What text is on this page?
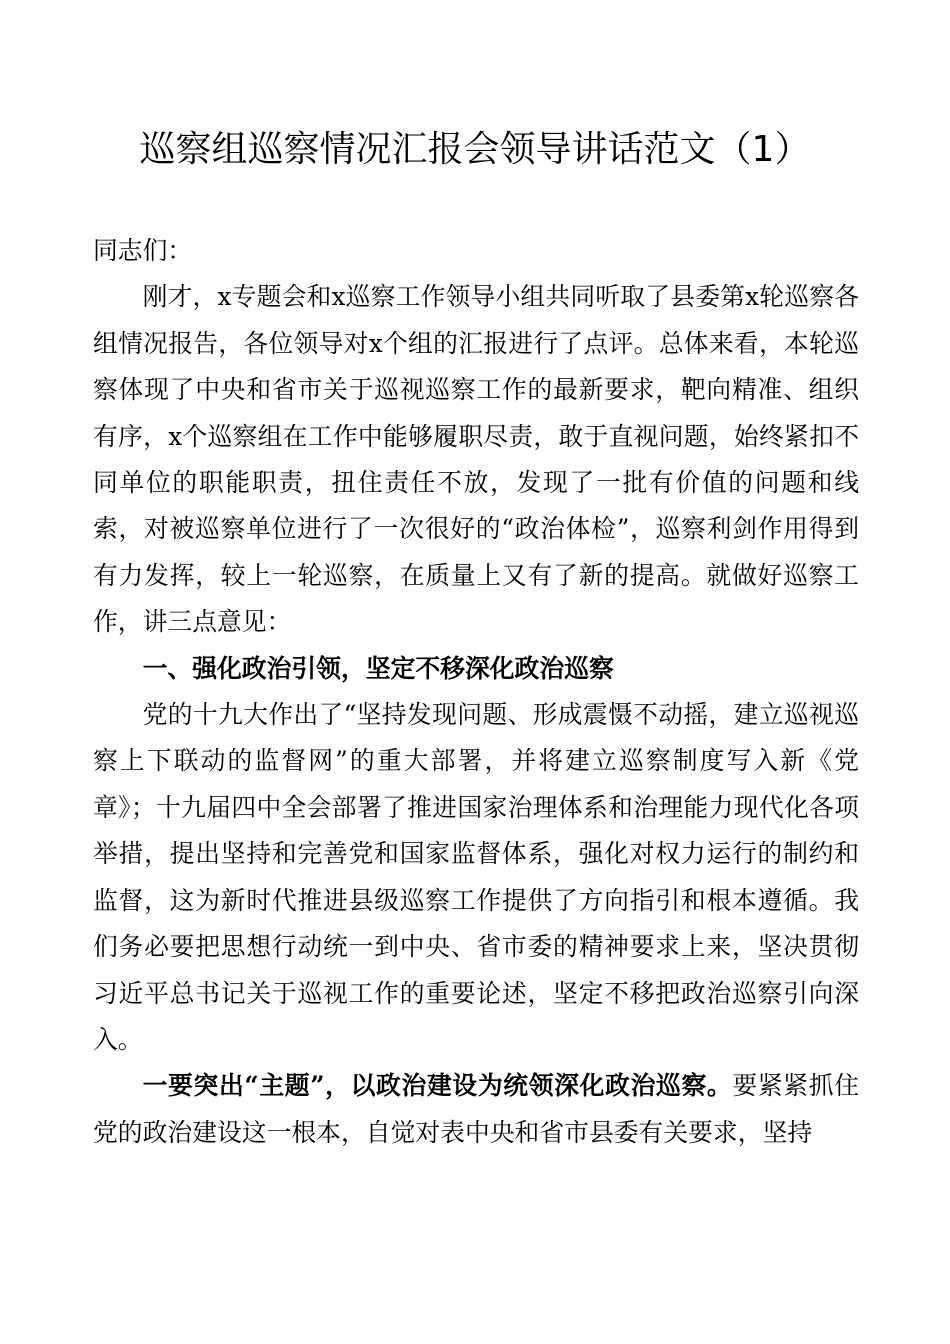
巡察组巡察情况汇报会领导讲话范文（1）

同志们：

刚才，x专题会和x巡察工作领导小组共同听取了县委第x轮巡察各组情况报告，各位领导对x个组的汇报进行了点评。总体来看，本轮巡察体现了中央和省市关于巡视巡察工作的最新要求，靶向精准、组织有序，x个巡察组在工作中能够履职尽责，敢于直视问题，始终紧扣不同单位的职能职责，扭住责任不放，发现了一批有价值的问题和线索，对被巡察单位进行了一次很好的“政治体检”，巡察利剑作用得到有力发挥，较上一轮巡察，在质量上又有了新的提高。就做好巡察工作，讲三点意见：

一、强化政治引领，坚定不移深化政治巡察

党的十九大作出了“坚持发现问题、形成震慑不动摇，建立巡视巡察上下联动的监督网”的重大部署，并将建立巡察制度写入新《党章》；十九届四中全会部署了推进国家治理体系和治理能力现代化各项举措，提出坚持和完善党和国家监督体系，强化对权力运行的制约和监督，这为新时代推进县级巡察工作提供了方向指引和根本遵循。我们务必要把思想行动统一到中央、省市委的精神要求上来，坚决贯彻习近平总书记关于巡视工作的重要论述，坚定不移把政治巡察引向深入。

一要突出“主题”，以政治建设为统领深化政治巡察。要紧紧抓住党的政治建设这一根本，自觉对表中央和省市县委有关要求，坚持
